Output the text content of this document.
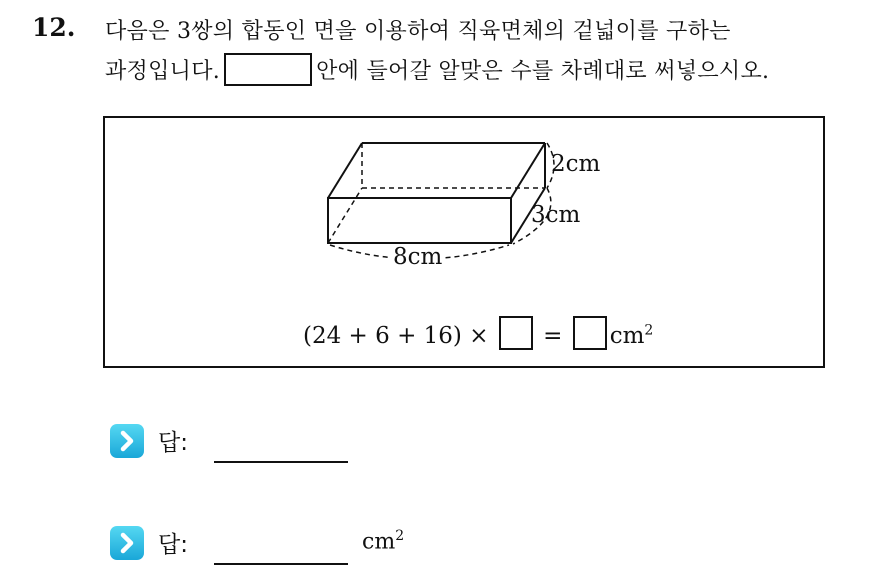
12. 다음은 3쌍의 합동인 면을 이용하여 직육면체의 겉넓이를 구하는
과정입니다.	안에 들어갈 알맞은 수를 차례대로 써넣으시오.
2cm
3cm
8cm
(24 + 6 + 16) × = $cm^2$
답:
답:	$cm^2$
